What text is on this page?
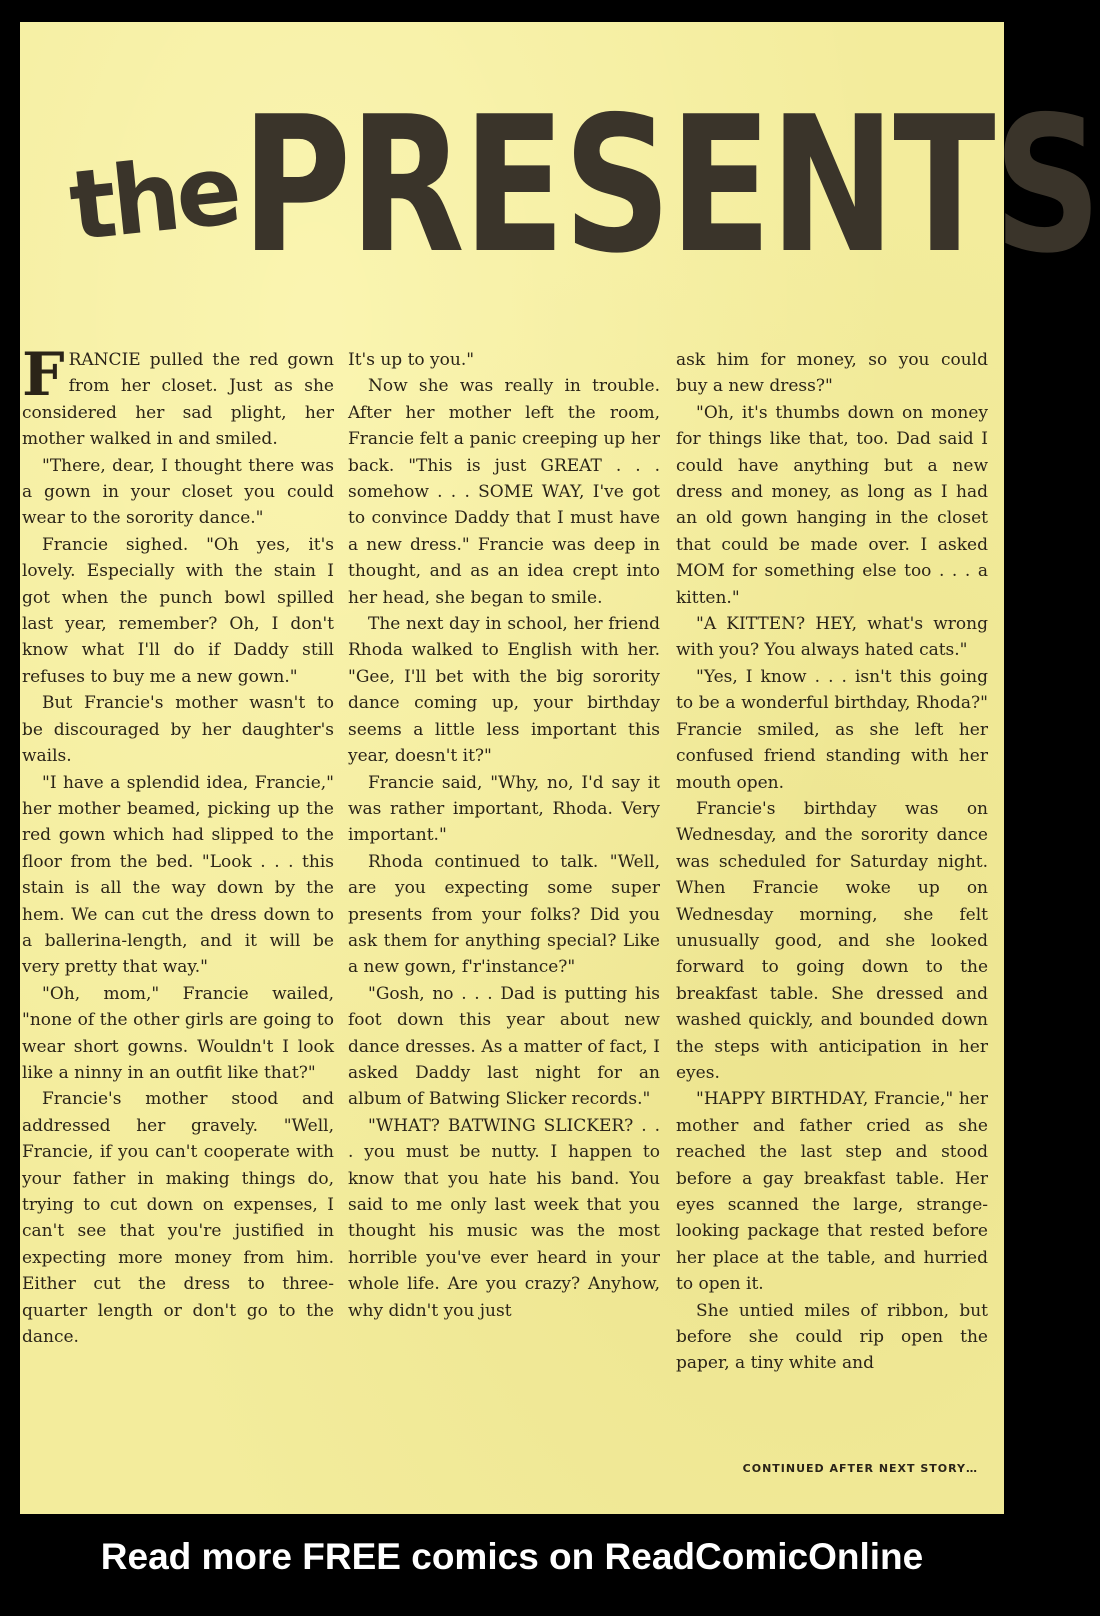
the
PRESENTS
F RANCIE pulled the red gown from her closet. Just as she considered her sad plight, her mother walked in and smiled.

"There, dear, I thought there was a gown in your closet you could wear to the sorority dance."

Francie sighed. "Oh yes, it's lovely. Especially with the stain I got when the punch bowl spilled last year, remember? Oh, I don't know what I'll do if Daddy still refuses to buy me a new gown."

But Francie's mother wasn't to be discouraged by her daughter's wails.

"I have a splendid idea, Francie," her mother beamed, picking up the red gown which had slipped to the floor from the bed. "Look . . . this stain is all the way down by the hem. We can cut the dress down to a ballerina-length, and it will be very pretty that way."

"Oh, mom," Francie wailed, "none of the other girls are going to wear short gowns. Wouldn't I look like a ninny in an outfit like that?"

Francie's mother stood and addressed her gravely. "Well, Francie, if you can't cooperate with your father in making things do, trying to cut down on expenses, I can't see that you're justified in expecting more money from him. Either cut the dress to three-quarter length or don't go to the dance.

It's up to you."

Now she was really in trouble. After her mother left the room, Francie felt a panic creeping up her back. "This is just GREAT . . . somehow . . . SOME WAY, I've got to convince Daddy that I must have a new dress." Francie was deep in thought, and as an idea crept into her head, she began to smile.

The next day in school, her friend Rhoda walked to English with her. "Gee, I'll bet with the big sorority dance coming up, your birthday seems a little less important this year, doesn't it?"

Francie said, "Why, no, I'd say it was rather important, Rhoda. Very important."

Rhoda continued to talk. "Well, are you expecting some super presents from your folks? Did you ask them for anything special? Like a new gown, f'r'instance?"

"Gosh, no . . . Dad is putting his foot down this year about new dance dresses. As a matter of fact, I asked Daddy last night for an album of Batwing Slicker records."

"WHAT? BATWING SLICKER? . . . you must be nutty. I happen to know that you hate his band. You said to me only last week that you thought his music was the most horrible you've ever heard in your whole life. Are you crazy? Anyhow, why didn't you just

ask him for money, so you could buy a new dress?"

"Oh, it's thumbs down on money for things like that, too. Dad said I could have anything but a new dress and money, as long as I had an old gown hanging in the closet that could be made over. I asked MOM for something else too . . . a kitten."

"A KITTEN? HEY, what's wrong with you? You always hated cats."

"Yes, I know . . . isn't this going to be a wonderful birthday, Rhoda?" Francie smiled, as she left her confused friend standing with her mouth open.

Francie's birthday was on Wednesday, and the sorority dance was scheduled for Saturday night. When Francie woke up on Wednesday morning, she felt unusually good, and she looked forward to going down to the breakfast table. She dressed and washed quickly, and bounded down the steps with anticipation in her eyes.

"HAPPY BIRTHDAY, Francie," her mother and father cried as she reached the last step and stood before a gay breakfast table. Her eyes scanned the large, strange-looking package that rested before her place at the table, and hurried to open it.

She untied miles of ribbon, but before she could rip open the paper, a tiny white and

CONTINUED AFTER NEXT STORY…
Read more FREE comics on ReadComicOnline
